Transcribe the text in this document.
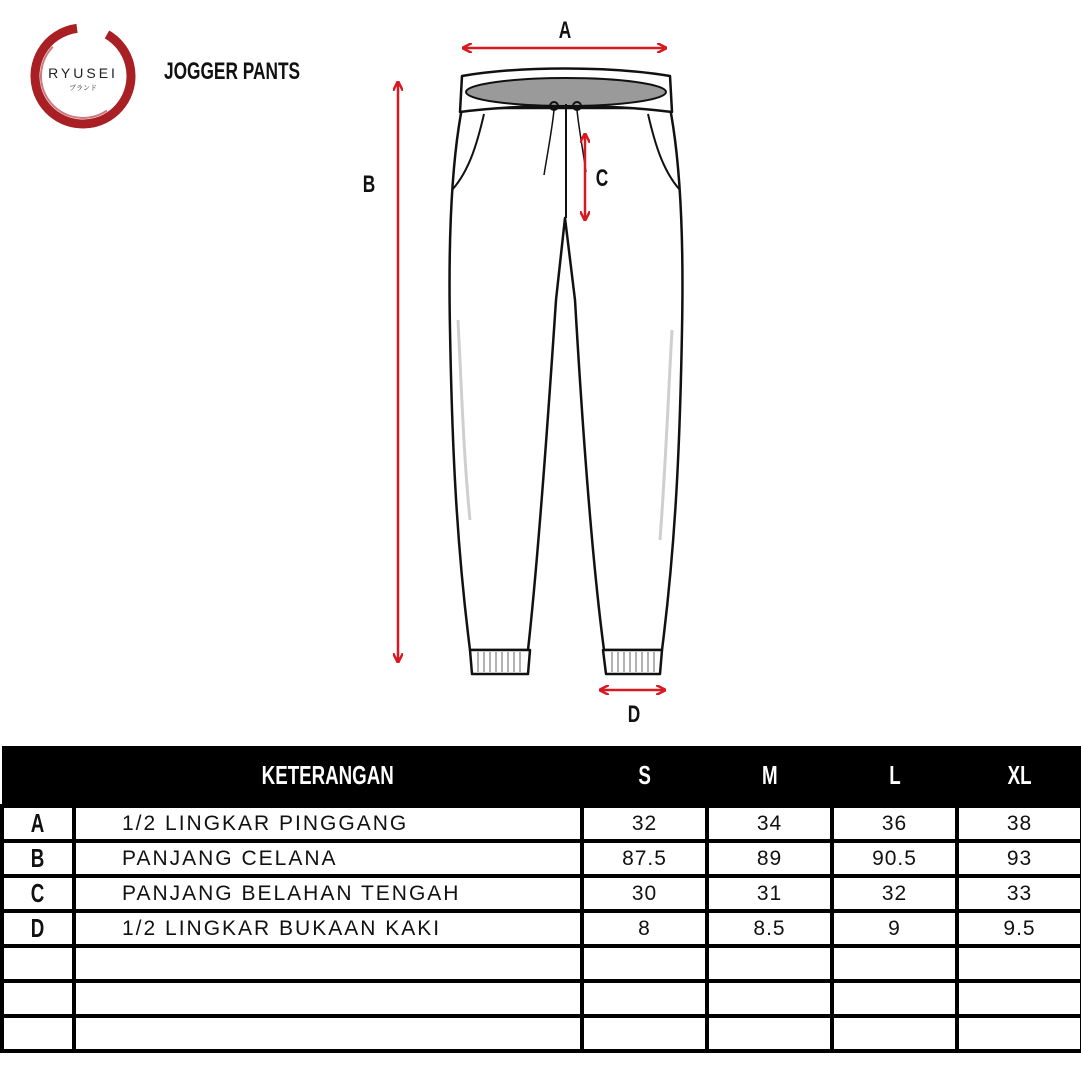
RYUSEI
ブランド
JOGGER PANTS
A
B	C
D
	KETERANGAN	S	M	L	XL
A	1/2 LINGKAR PINGGANG	32	34	36	38
B	PANJANG CELANA	87.5	89	90.5	93
C	PANJANG BELAHAN TENGAH	30	31	32	33
D	1/2 LINGKAR BUKAAN KAKI	8	8.5	9	9.5
